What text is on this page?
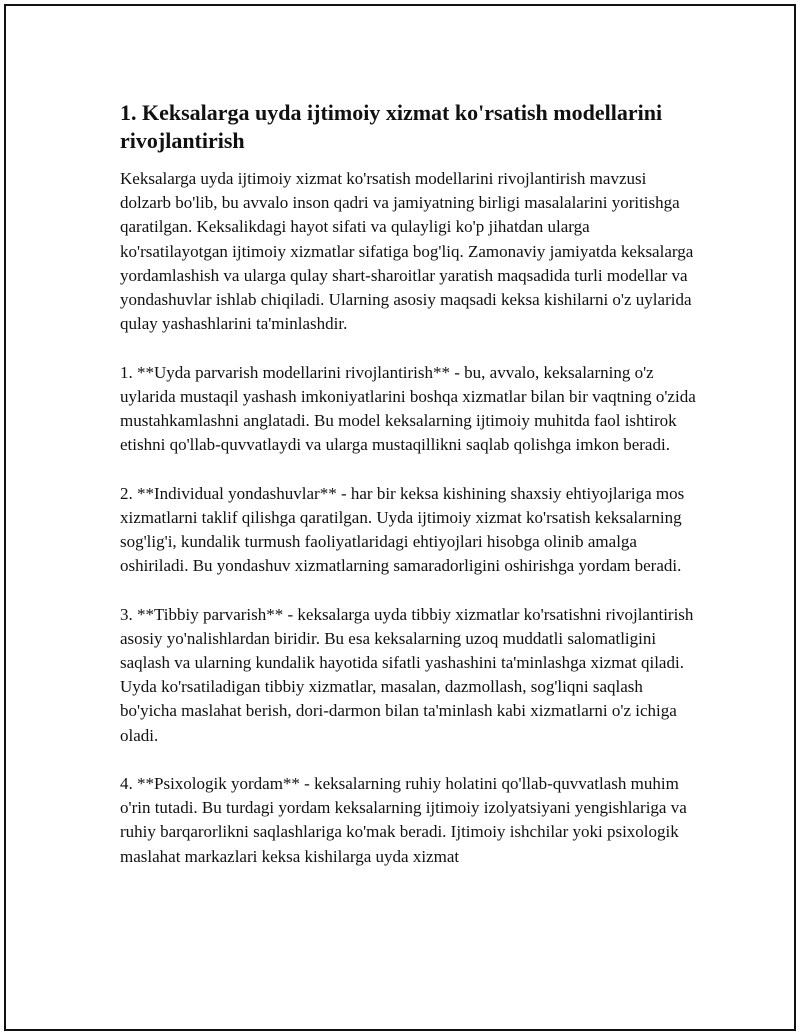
1. Keksalarga uyda ijtimoiy xizmat ko'rsatish modellarini rivojlantirish

Keksalarga uyda ijtimoiy xizmat ko'rsatish modellarini rivojlantirish mavzusi dolzarb bo'lib, bu avvalo inson qadri va jamiyatning birligi masalalarini yoritishga qaratilgan. Keksalikdagi hayot sifati va qulayligi ko'p jihatdan ularga ko'rsatilayotgan ijtimoiy xizmatlar sifatiga bog'liq. Zamonaviy jamiyatda keksalarga yordamlashish va ularga qulay shart-sharoitlar yaratish maqsadida turli modellar va yondashuvlar ishlab chiqiladi. Ularning asosiy maqsadi keksa kishilarni o'z uylarida qulay yashashlarini ta'minlashdir.

1. **Uyda parvarish modellarini rivojlantirish** - bu, avvalo, keksalarning o'z uylarida mustaqil yashash imkoniyatlarini boshqa xizmatlar bilan bir vaqtning o'zida mustahkamlashni anglatadi. Bu model keksalarning ijtimoiy muhitda faol ishtirok etishni qo'llab-quvvatlaydi va ularga mustaqillikni saqlab qolishga imkon beradi.

2. **Individual yondashuvlar** - har bir keksa kishining shaxsiy ehtiyojlariga mos xizmatlarni taklif qilishga qaratilgan. Uyda ijtimoiy xizmat ko'rsatish keksalarning sog'lig'i, kundalik turmush faoliyatlaridagi ehtiyojlari hisobga olinib amalga oshiriladi. Bu yondashuv xizmatlarning samaradorligini oshirishga yordam beradi.

3. **Tibbiy parvarish** - keksalarga uyda tibbiy xizmatlar ko'rsatishni rivojlantirish asosiy yo'nalishlardan biridir. Bu esa keksalarning uzoq muddatli salomatligini saqlash va ularning kundalik hayotida sifatli yashashini ta'minlashga xizmat qiladi. Uyda ko'rsatiladigan tibbiy xizmatlar, masalan, dazmollash, sog'liqni saqlash bo'yicha maslahat berish, dori-darmon bilan ta'minlash kabi xizmatlarni o'z ichiga oladi.

4. **Psixologik yordam** - keksalarning ruhiy holatini qo'llab-quvvatlash muhim o'rin tutadi. Bu turdagi yordam keksalarning ijtimoiy izolyatsiyani yengishlariga va ruhiy barqarorlikni saqlashlariga ko'mak beradi. Ijtimoiy ishchilar yoki psixologik maslahat markazlari keksa kishilarga uyda xizmat
